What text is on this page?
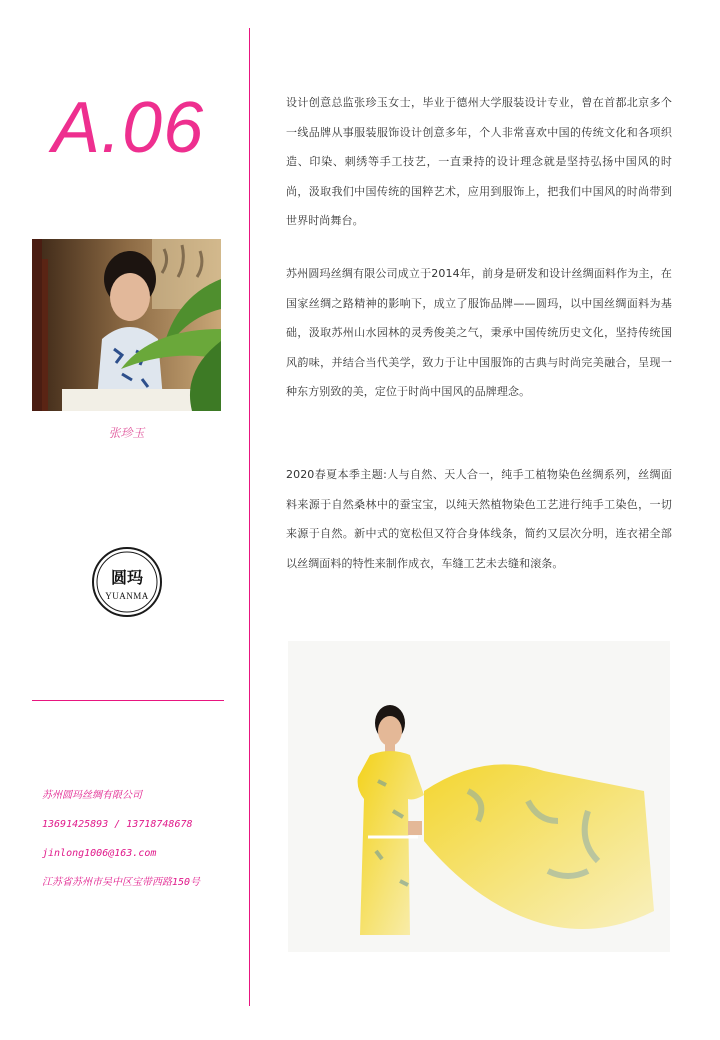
A.06
张珍玉
圆玛
YUANMA
苏州圆玛丝绸有限公司
13691425893 / 13718748678
jinlong1006@163.com
江苏省苏州市吴中区宝带西路150号
设计创意总监张珍玉女士，毕业于德州大学服装设计专业，曾在首都北京多个一线品牌从事服装服饰设计创意多年，个人非常喜欢中国的传统文化和各项织造、印染、刺绣等手工技艺，一直秉持的设计理念就是坚持弘扬中国风的时尚，汲取我们中国传统的国粹艺术，应用到服饰上，把我们中国风的时尚带到世界时尚舞台。
苏州圆玛丝绸有限公司成立于2014年，前身是研发和设计丝绸面料作为主，在国家丝绸之路精神的影响下，成立了服饰品牌——圆玛，以中国丝绸面料为基础，汲取苏州山水园林的灵秀俊美之气，秉承中国传统历史文化，坚持传统国风韵味，并结合当代美学，致力于让中国服饰的古典与时尚完美融合，呈现一种东方别致的美，定位于时尚中国风的品牌理念。
2020春夏本季主题:人与自然、天人合一，纯手工植物染色丝绸系列，丝绸面料来源于自然桑林中的蚕宝宝，以纯天然植物染色工艺进行纯手工染色，一切来源于自然。新中式的宽松但又符合身体线条，简约又层次分明，连衣裙全部以丝绸面料的特性来制作成衣，车缝工艺未去缝和滚条。
